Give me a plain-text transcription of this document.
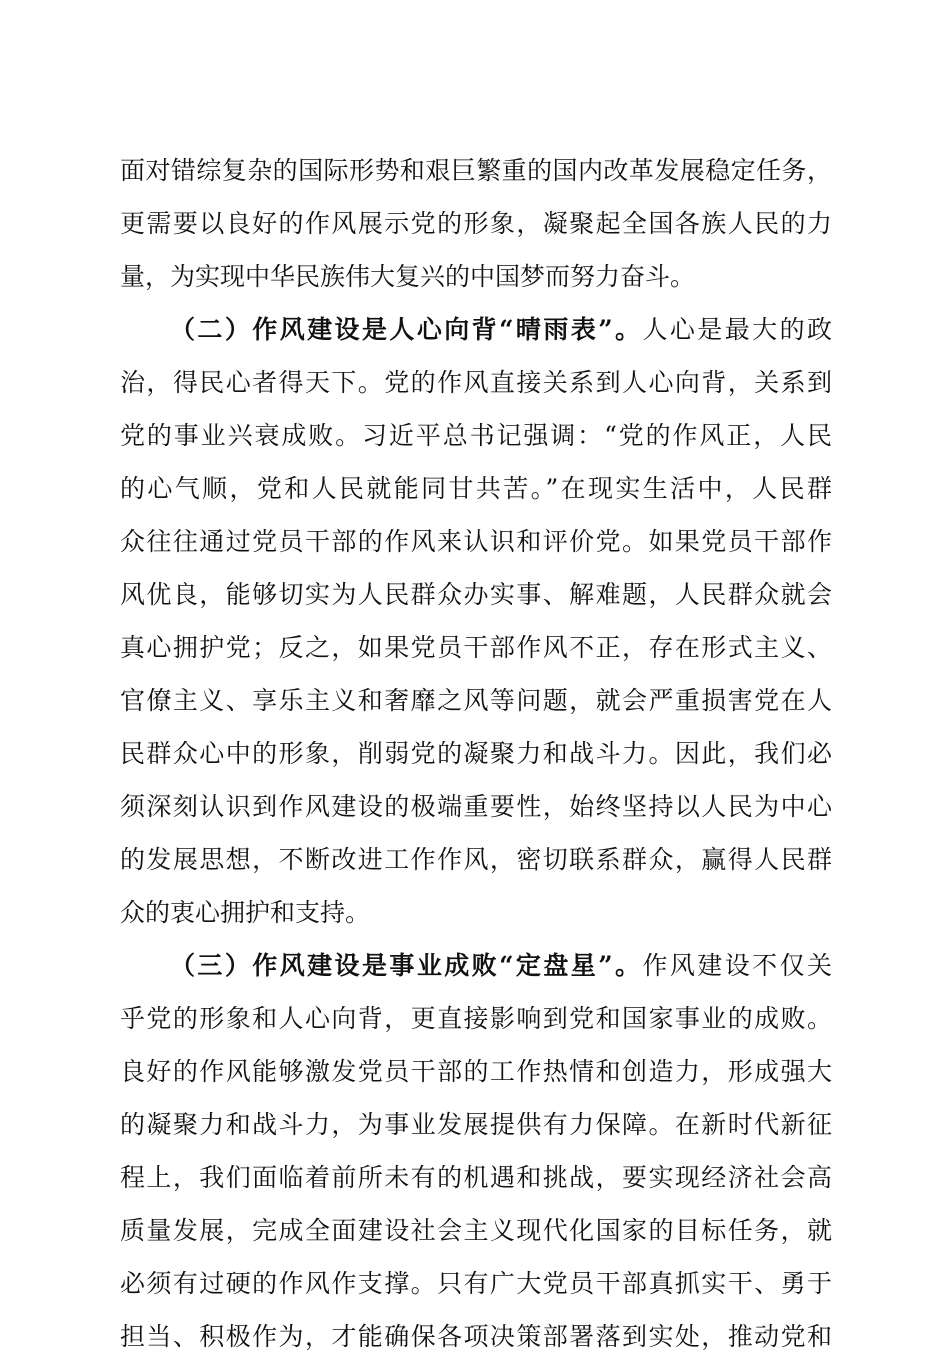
面对错综复杂的国际形势和艰巨繁重的国内改革发展稳定任务，
更需要以良好的作风展示党的形象，凝聚起全国各族人民的力
量，为实现中华民族伟大复兴的中国梦而努力奋斗。
（二）作风建设是人心向背“晴雨表”。人心是最大的政
治，得民心者得天下。党的作风直接关系到人心向背，关系到
党的事业兴衰成败。习近平总书记强调：“党的作风正，人民
的心气顺，党和人民就能同甘共苦。”在现实生活中，人民群
众往往通过党员干部的作风来认识和评价党。如果党员干部作
风优良，能够切实为人民群众办实事、解难题，人民群众就会
真心拥护党；反之，如果党员干部作风不正，存在形式主义、
官僚主义、享乐主义和奢靡之风等问题，就会严重损害党在人
民群众心中的形象，削弱党的凝聚力和战斗力。因此，我们必
须深刻认识到作风建设的极端重要性，始终坚持以人民为中心
的发展思想，不断改进工作作风，密切联系群众，赢得人民群
众的衷心拥护和支持。
（三）作风建设是事业成败“定盘星”。作风建设不仅关
乎党的形象和人心向背，更直接影响到党和国家事业的成败。
良好的作风能够激发党员干部的工作热情和创造力，形成强大
的凝聚力和战斗力，为事业发展提供有力保障。在新时代新征
程上，我们面临着前所未有的机遇和挑战，要实现经济社会高
质量发展，完成全面建设社会主义现代化国家的目标任务，就
必须有过硬的作风作支撑。只有广大党员干部真抓实干、勇于
担当、积极作为，才能确保各项决策部署落到实处，推动党和
